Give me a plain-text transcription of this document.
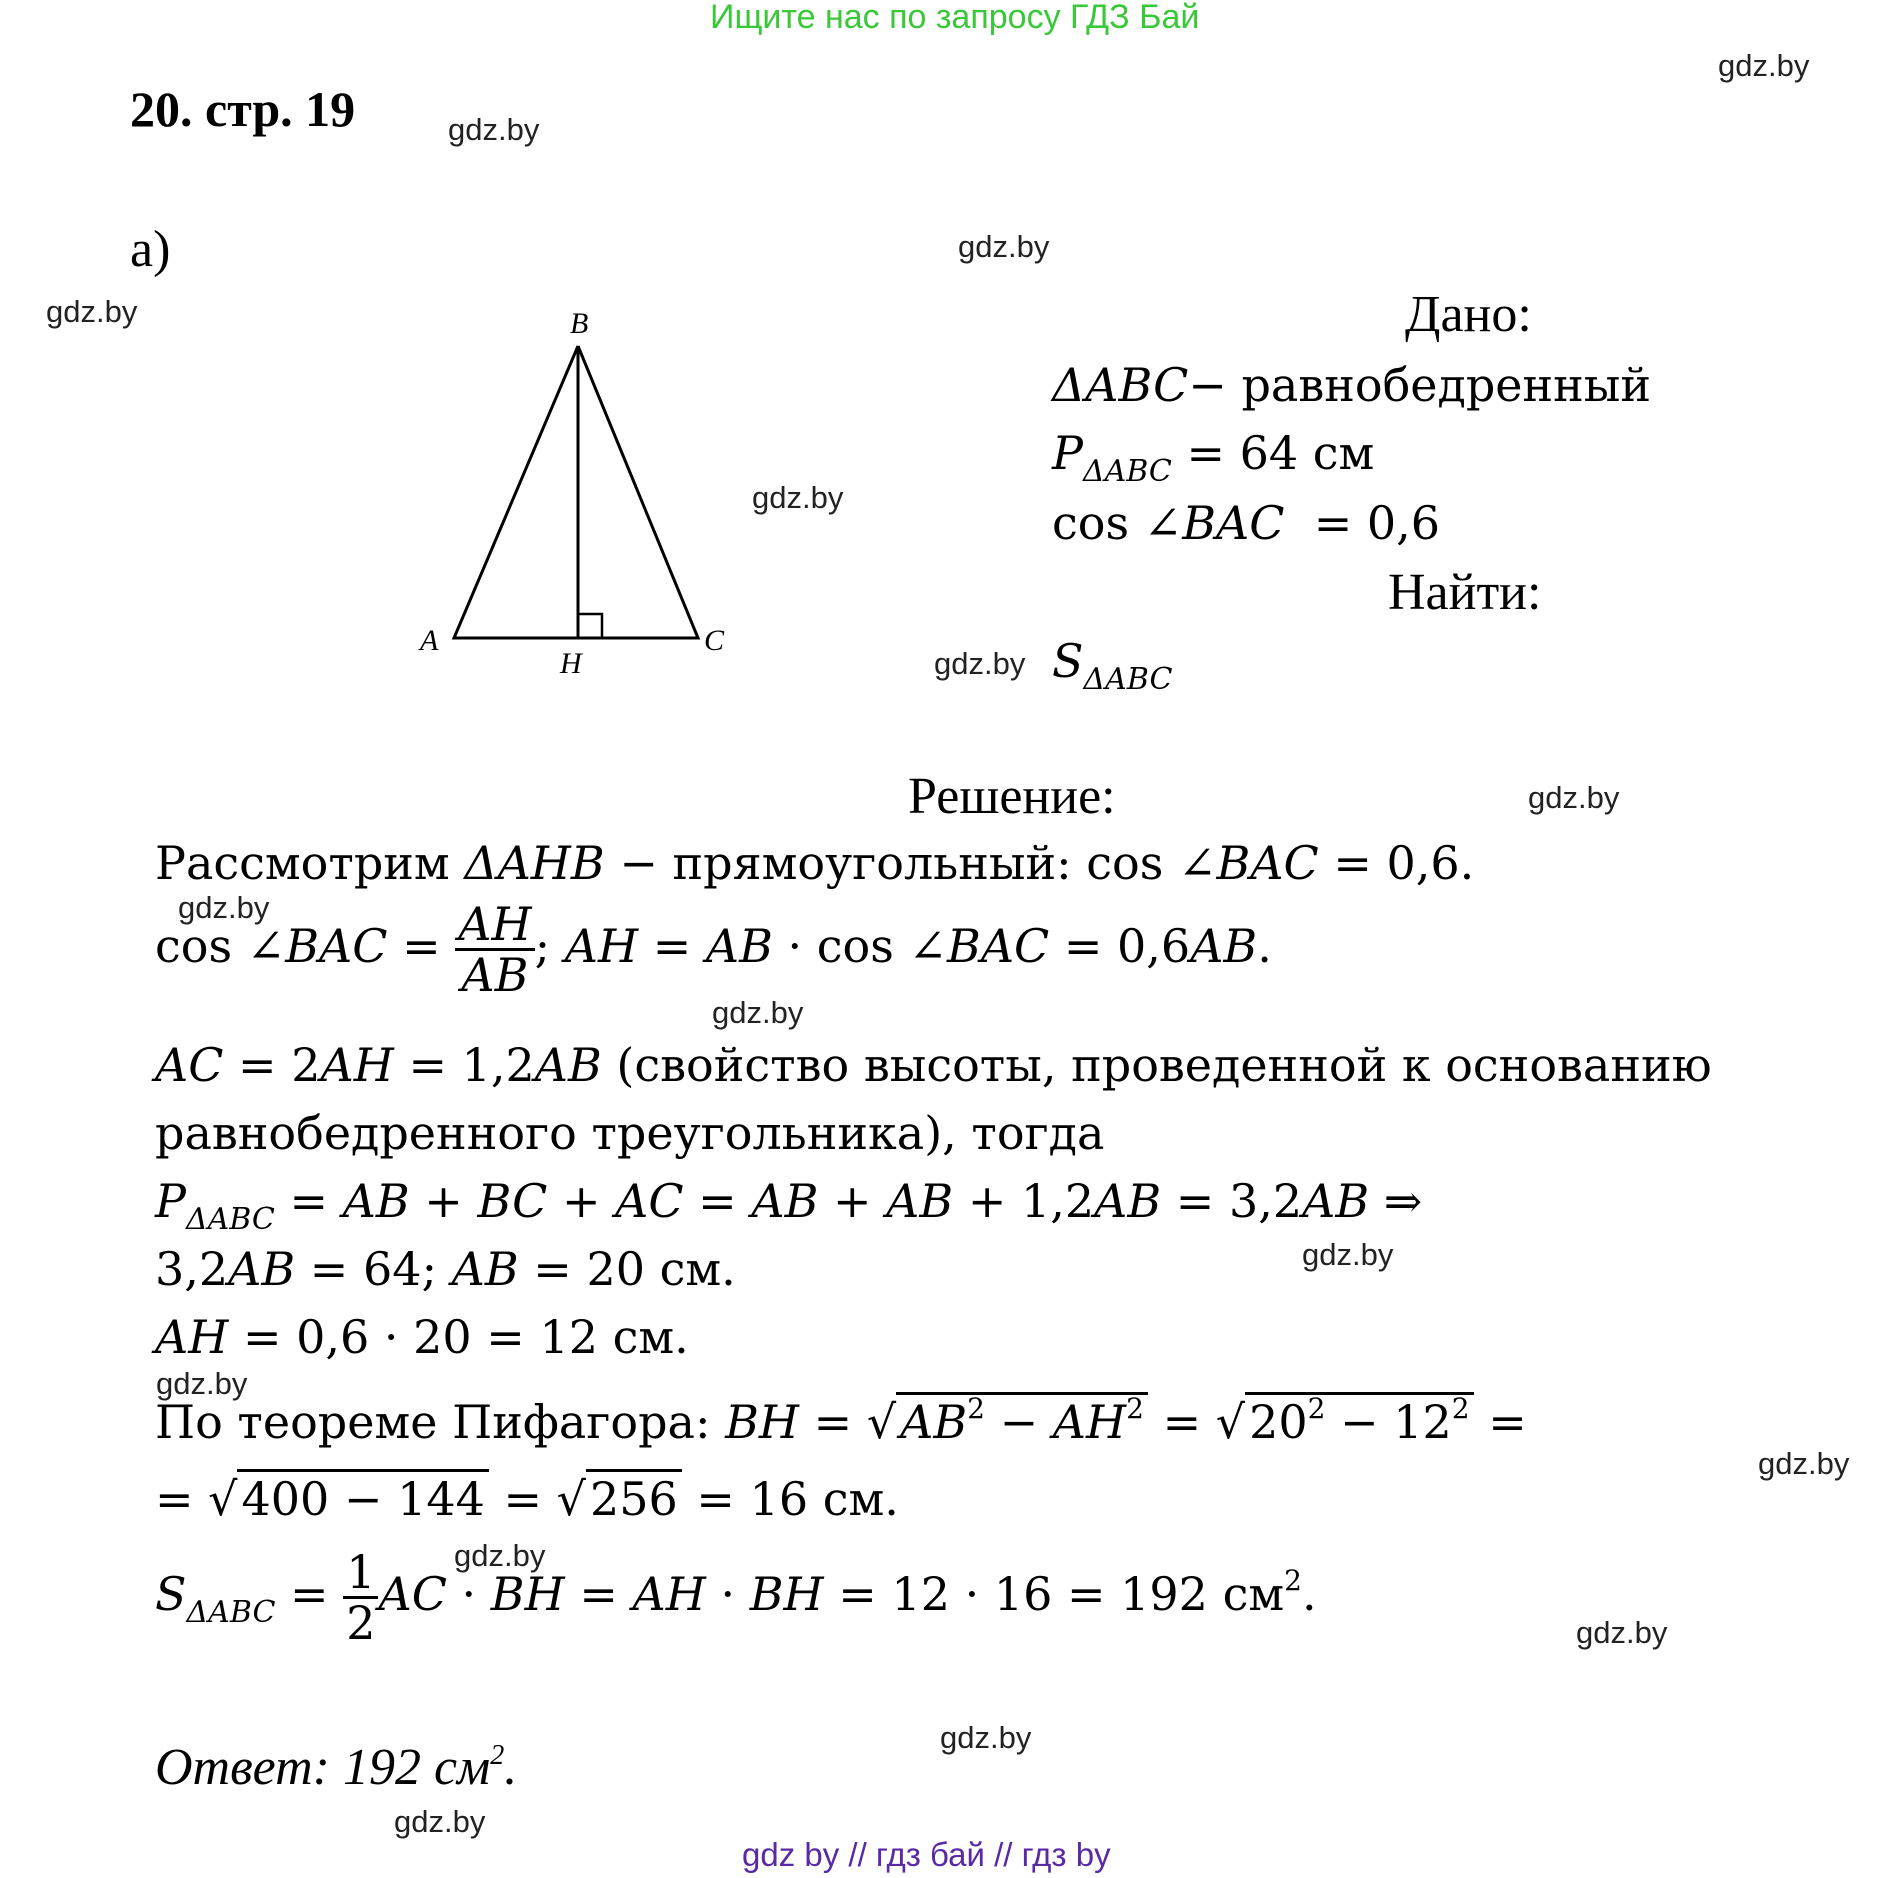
Ищите нас по запросу ГДЗ Бай
gdz.by
gdz.by
gdz.by
gdz.by
gdz.by
gdz.by
gdz.by
gdz.by
gdz.by
gdz.by
gdz.by
gdz.by
gdz.by
gdz.by
gdz.by
gdz.by
20. стр. 19
а)
B
A	C
H
Дано:
ΔABC− равнобедренный
$P_{\Delta ABC} = 64$ см
cos ∠BAC = 0,6
Найти:
$S_{\Delta ABC}$
Решение:
Рассмотрим ΔAHB − прямоугольный: cos ∠BAC = 0,6.
cos ∠BAC = $\frac{AH}{AB}$ ; AH = AB · cos ∠BAC = 0,6AB.
AC = 2AH = 1,2AB (свойство высоты, проведенной к основанию
равнобедренного треугольника), тогда
$P_{\Delta ABC}$ = AB + BC + AC = AB + AB + 1,2AB = 3,2AB ⇒
3,2AB = 64; AB = 20 см.
AH = 0,6 · 20 = 12 см.
По теореме Пифагора: BH = $√AB^2 - AH^2 = √20^2 - 12^2$ =
= √400 − 144 = √256 = 16 см.
$S_{\Delta ABC} = \frac{1}{2}$ AC · BH = AH · BH = 12 · 16 = 192 $см^2$.
Ответ: 192 $см^2$.
gdz by // гдз бай // гдз by
